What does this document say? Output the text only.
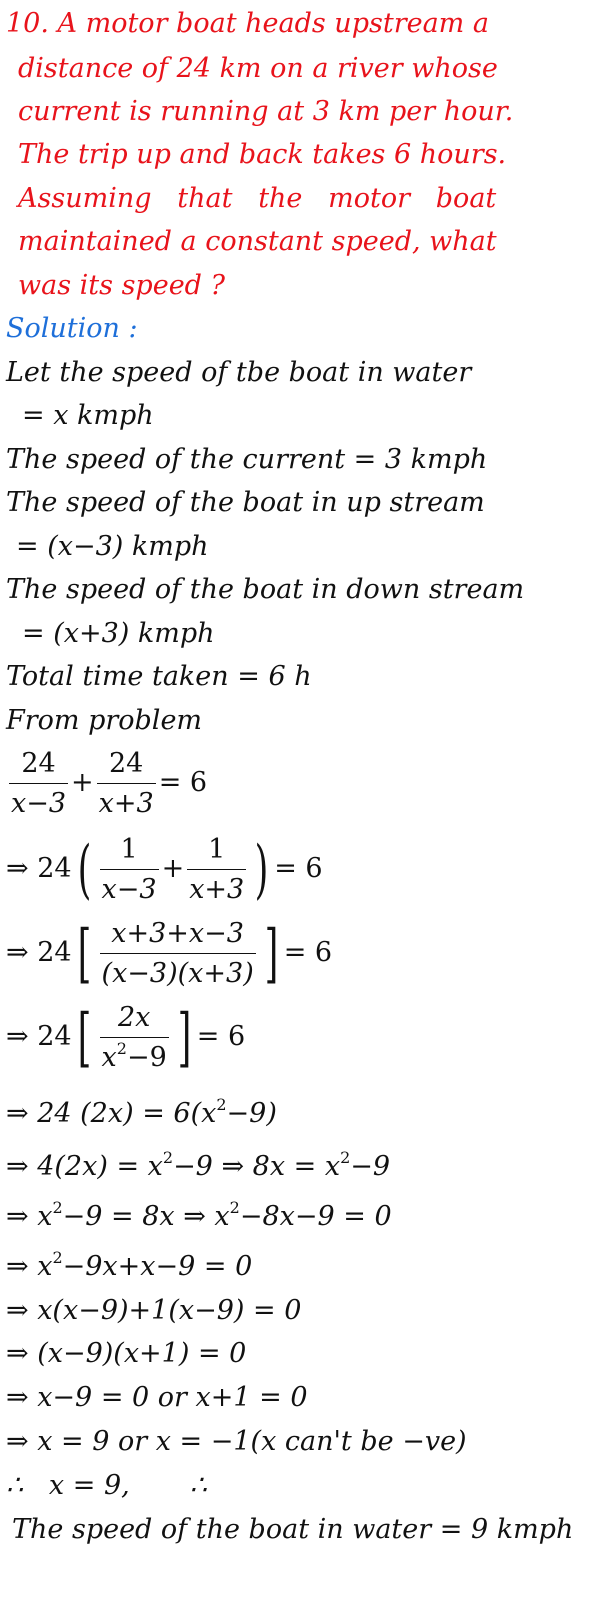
10. A motor boat heads upstream a
distance of 24 km on a river whose
current is running at 3 km per hour.
The trip up and back takes 6 hours.
Assuming   that   the   motor   boat
maintained a constant speed, what
was its speed ?
Solution :
Let the speed of tbe boat in water
= x kmph
The speed of the current = 3 kmph
The speed of the boat in up stream
= (x−3) kmph
The speed of the boat in down stream
= (x+3) kmph
Total time taken = 6 h
From problem
$\frac{24}{x-3} + \frac{24}{x+3} = 6$
⇒ $24( \frac{1}{x-3} + \frac{1}{x+3}$ ) = 6
⇒ $24[ \frac{x+3+x-3}{(x-3)(x+3)}$ ] = 6
⇒ $24[ \frac{2x}{x^2-9}$ ] = 6
⇒ 24 $(2x) = 6(x^2-9)$
⇒ $4(2x) = x^2-9$ ⇒ $8x = x^2-9$
⇒ $x^2-9 = 8x$ ⇒ $x^2-8x-9 = 0$
⇒ $x^2-9x+x-9 = 0$
⇒ x(x−9)+1(x−9) = 0
⇒ (x−9)(x+1) = 0
⇒ x−9 = 0 or x+1 = 0
⇒ x = 9 or x = −1(x can't be −ve)
∴   x = 9,       ∴
The speed of the boat in water = 9 kmph
